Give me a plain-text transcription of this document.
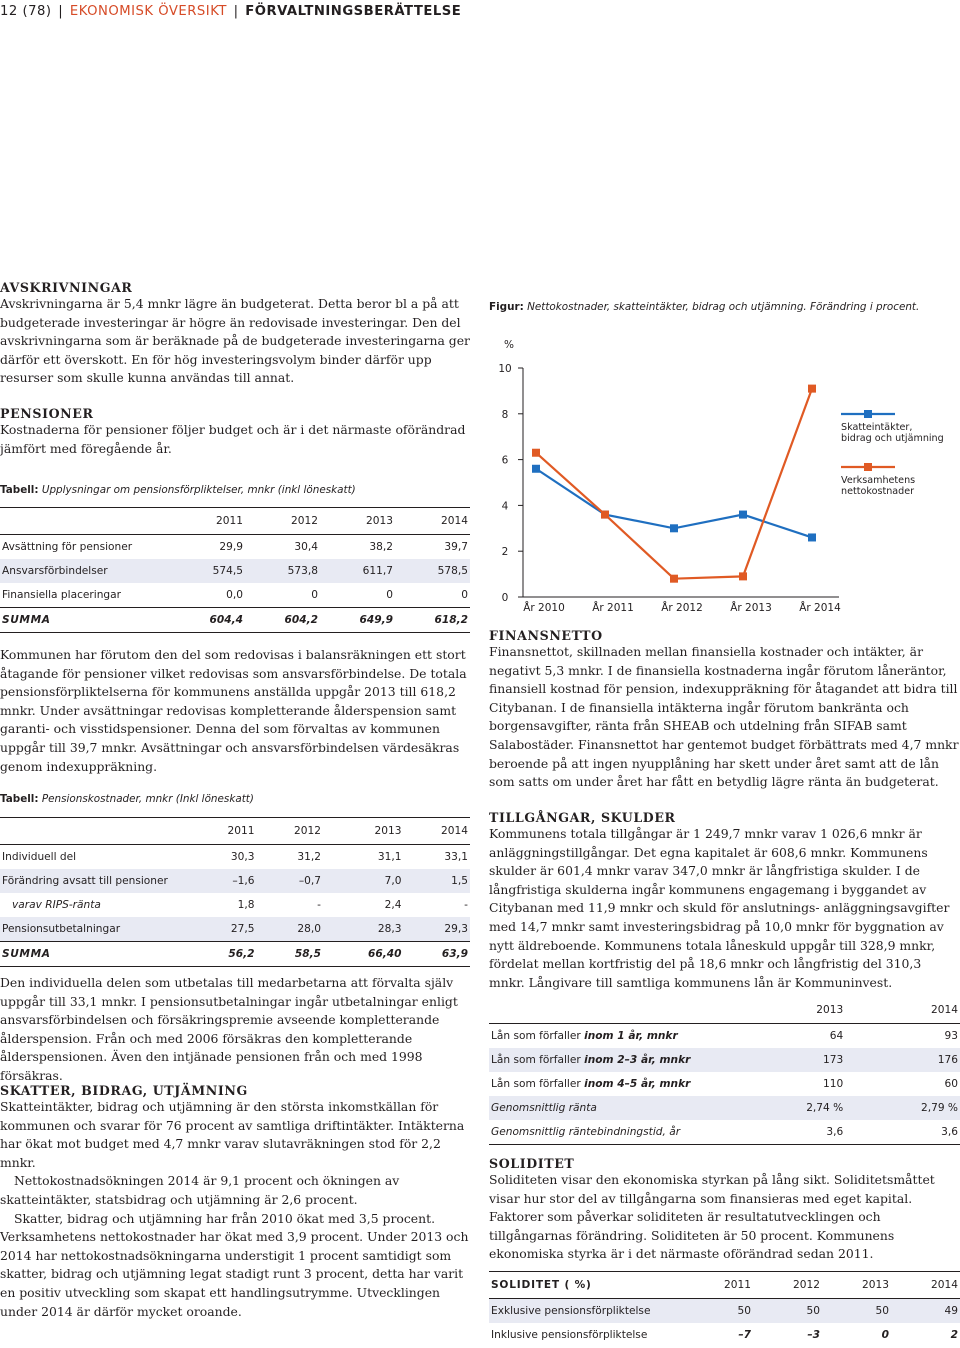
12 (78) | EKONOMISK ÖVERSIKT | FÖRVALTNINGSBERÄTTELSE
AVSKRIVNINGAR

Avskrivningarna är 5,4 mnkr lägre än budgeterat. Detta beror bl a på att budgeterade investeringar är högre än redovisade investeringar. Den del avskrivningarna som är beräknade på de budgeterade investeringarna ger därför ett överskott. En för hög investeringsvolym binder därför upp resurser som skulle kunna användas till annat.

PENSIONER

Kostnaderna för pensioner följer budget och är i det närmaste oförändrad jämfört med föregående år.

Tabell: Upplysningar om pensionsförpliktelser, mnkr (inkl löneskatt)
	2011	2012	2013	2014
Avsättning för pensioner	29,9	30,4	38,2	39,7
Ansvarsförbindelser	574,5	573,8	611,7	578,5
Finansiella placeringar	0,0	0	0	0
SUMMA	604,4	604,2	649,9	618,2

Kommunen har förutom den del som redovisas i balansräkningen ett stort åtagande för pensioner vilket redovisas som ansvarsförbindelse. De totala pensionsförpliktelserna för kommunens anställda uppgår 2013 till 618,2 mnkr. Under avsättningar redovisas kompletterande ålderspension samt garanti- och visstidspensioner. Denna del som förvaltas av kommunen uppgår till 39,7 mnkr. Avsättningar och ansvarsförbindelsen värdesäkras genom indexuppräkning.

Tabell: Pensionskostnader, mnkr (Inkl löneskatt)
	2011	2012	2013	2014
Individuell del	30,3	31,2	31,1	33,1
Förändring avsatt till pensioner	–1,6	–0,7	7,0	1,5
varav RIPS-ränta	1,8	-	2,4	-
Pensionsutbetalningar	27,5	28,0	28,3	29,3
SUMMA	56,2	58,5	66,40	63,9

Den individuella delen som utbetalas till medarbetarna att förvalta själv uppgår till 33,1 mnkr. I pensionsutbetalningar ingår utbetalningar enligt ansvarsförbindelsen och försäkringspremie avseende kompletterande ålderspension. Från och med 2006 försäkras den kompletterande ålderspensionen. Även den intjänade pensionen från och med 1998 försäkras.

SKATTER, BIDRAG, UTJÄMNING

Skatteintäkter, bidrag och utjämning är den största inkomstkällan för kommunen och svarar för 76 procent av samtliga driftintäkter. Intäkterna har ökat mot budget med 4,7 mnkr varav slutavräkningen stod för 2,2 mnkr.

Nettokostnadsökningen 2014 är 9,1 procent och ökningen av skatteintäkter, statsbidrag och utjämning är 2,6 procent.

Skatter, bidrag och utjämning har från 2010 ökat med 3,5 procent.

Verksamhetens nettokostnader har ökat med 3,9 procent. Under 2013 och 2014 har nettokostnadsökningarna understigit 1 procent samtidigt som skatter, bidrag och utjämning legat stadigt runt 3 procent, detta har varit en positiv utveckling som skapat ett handlingsutrymme. Utvecklingen under 2014 är därför mycket oroande.

Figur: Nettokostnader, skatteintäkter, bidrag och utjämning. Förändring i procent.
%
0
2
4
6
8
10
År 2010	År 2011	År 2012	År 2013	År 2014
Skatteintäkter, bidrag och utjämning
Verksamhetens nettokostnader
FINANSNETTO

Finansnettot, skillnaden mellan finansiella kostnader och intäkter, är negativt 5,3 mnkr. I de finansiella kostnaderna ingår förutom låneräntor, finansiell kostnad för pension, indexuppräkning för åtagandet att bidra till Citybanan. I de finansiella intäkterna ingår förutom bankränta och borgensavgifter, ränta från SHEAB och utdelning från SIFAB samt Salabostäder. Finansnettot har gentemot budget förbättrats med 4,7 mnkr beroende på att ingen nyupplåning har skett under året samt att de lån som satts om under året har fått en betydlig lägre ränta än budgeterat.

TILLGÅNGAR, SKULDER

Kommunens totala tillgångar är 1 249,7 mnkr varav 1 026,6 mnkr är anläggningstillgångar. Det egna kapitalet är 608,6 mnkr. Kommunens skulder är 601,4 mnkr varav 347,0 mnkr är långfristiga skulder. I de långfristiga skulderna ingår kommunens engagemang i byggandet av Citybanan med 11,9 mnkr och skuld för anslutnings- anläggningsavgifter med 14,7 mnkr samt investeringsbidrag på 10,0 mnkr för byggnation av nytt äldreboende. Kommunens totala låneskuld uppgår till 328,9 mnkr, fördelat mellan kortfristig del på 18,6 mnkr och långfristig del 310,3 mnkr. Långivare till samtliga kommunens lån är Kommuninvest.

	2013	2014
Lån som förfaller inom 1 år, mnkr	64	93
Lån som förfaller inom 2–3 år, mnkr	173	176
Lån som förfaller inom 4–5 år, mnkr	110	60
Genomsnittlig ränta	2,74 %	2,79 %
Genomsnittlig räntebindningstid, år	3,6	3,6
SOLIDITET

Soliditeten visar den ekonomiska styrkan på lång sikt. Soliditetsmåttet visar hur stor del av tillgångarna som finansieras med eget kapital. Faktorer som påverkar soliditeten är resultatutvecklingen och tillgångarnas förändring. Soliditeten är 50 procent. Kommunens ekonomiska styrka är i det närmaste oförändrad sedan 2011.

SOLIDITET ( %)	2011	2012	2013	2014
Exklusive pensionsförpliktelse	50	50	50	49
Inklusive pensionsförpliktelse	–7	–3	0	2
